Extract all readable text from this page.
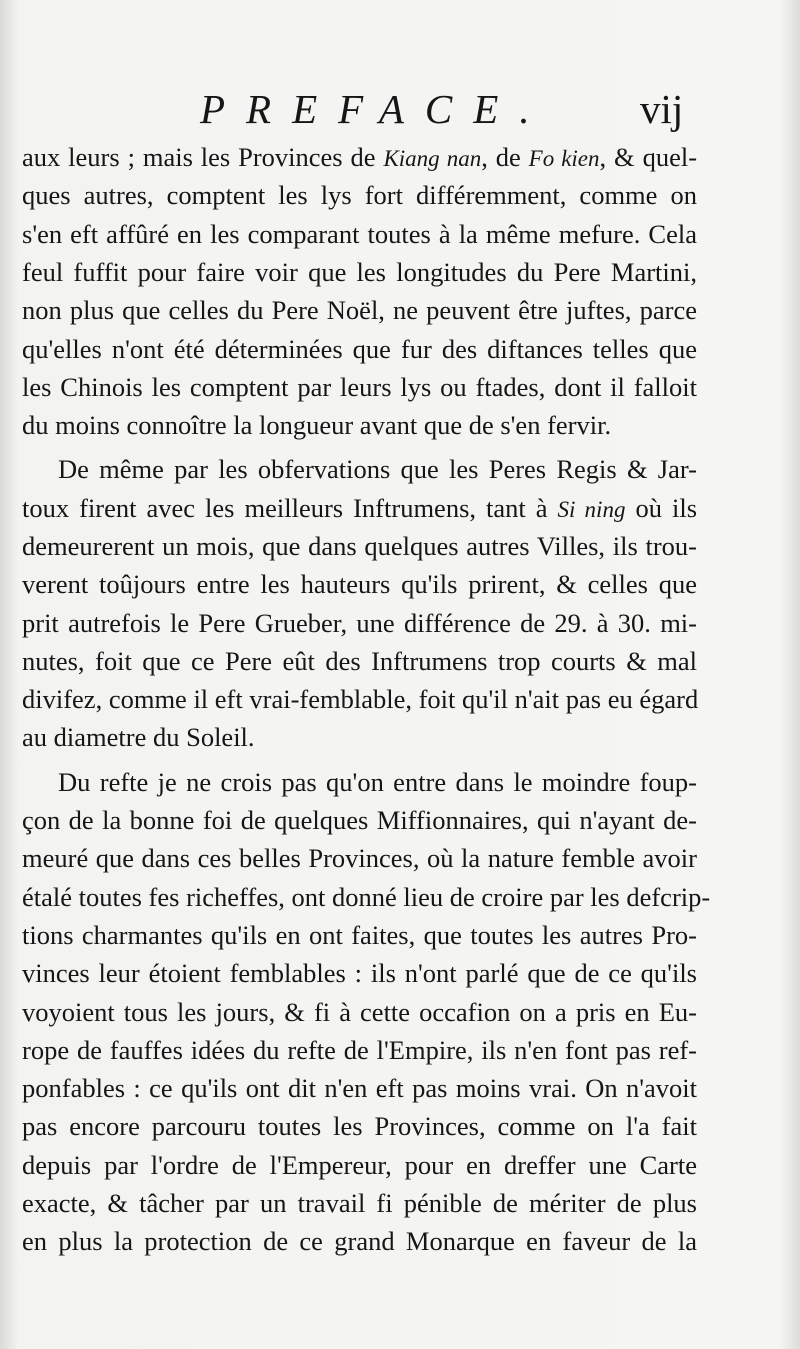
PREFACE. vij
aux leurs ; mais les Provinces de Kiang nan, de Fo kien, & quel-
ques autres, comptent les lys fort différemment, comme on
s'en eft affûré en les comparant toutes à la même mefure. Cela
feul fuffit pour faire voir que les longitudes du Pere Martini,
non plus que celles du Pere Noël, ne peuvent être juftes, parce
qu'elles n'ont été déterminées que fur des diftances telles que
les Chinois les comptent par leurs lys ou ftades, dont il falloit
du moins connoître la longueur avant que de s'en fervir.
De même par les obfervations que les Peres Regis & Jar-
toux firent avec les meilleurs Inftrumens, tant à Si ning où ils
demeurerent un mois, que dans quelques autres Villes, ils trou-
verent toûjours entre les hauteurs qu'ils prirent, & celles que
prit autrefois le Pere Grueber, une différence de 29. à 30. mi-
nutes, foit que ce Pere eût des Inftrumens trop courts & mal
divifez, comme il eft vrai-femblable, foit qu'il n'ait pas eu égard
au diametre du Soleil.
Du refte je ne crois pas qu'on entre dans le moindre foup-
çon de la bonne foi de quelques Miffionnaires, qui n'ayant de-
meuré que dans ces belles Provinces, où la nature femble avoir
étalé toutes fes richeffes, ont donné lieu de croire par les defcrip-
tions charmantes qu'ils en ont faites, que toutes les autres Pro-
vinces leur étoient femblables : ils n'ont parlé que de ce qu'ils
voyoient tous les jours, & fi à cette occafion on a pris en Eu-
rope de fauffes idées du refte de l'Empire, ils n'en font pas ref-
ponfables : ce qu'ils ont dit n'en eft pas moins vrai. On n'avoit
pas encore parcouru toutes les Provinces, comme on l'a fait
depuis par l'ordre de l'Empereur, pour en dreffer une Carte
exacte, & tâcher par un travail fi pénible de mériter de plus
en plus la protection de ce grand Monarque en faveur de la
